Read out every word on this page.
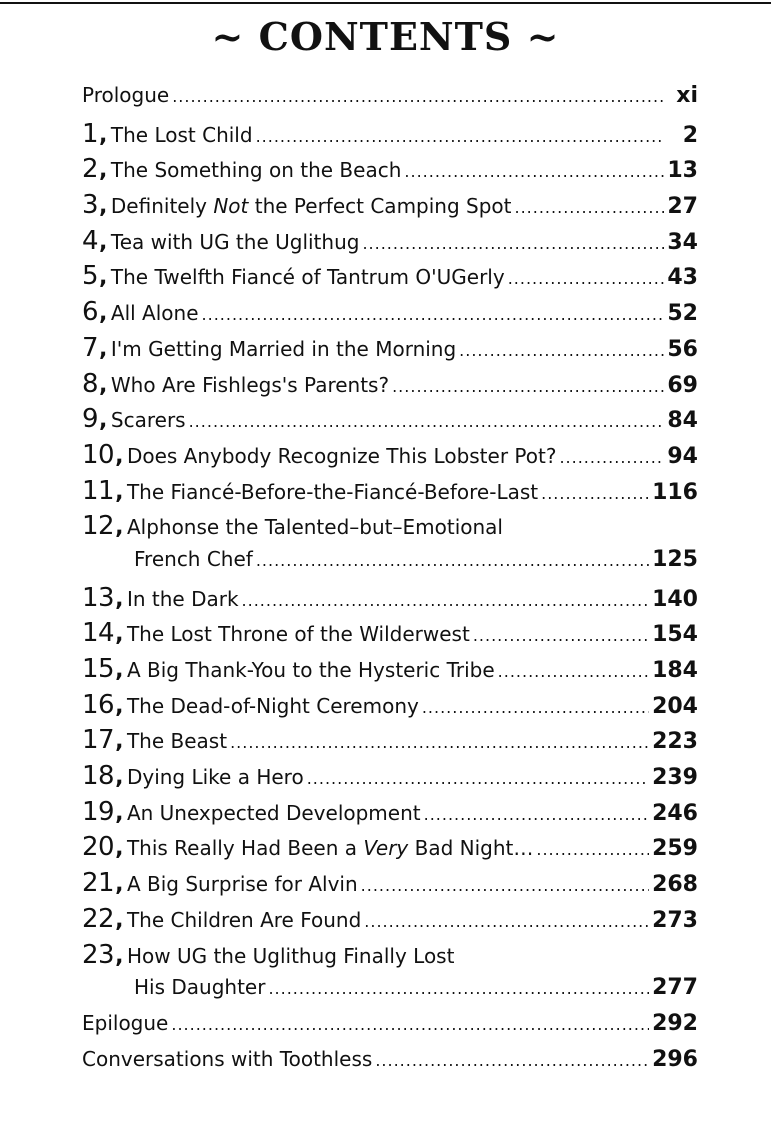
~ CONTENTS ~
Prologue .....	xi
1 , The Lost Child .....	2
2 , The Something on the Beach .....	13
3 , Definitely Not the Perfect Camping Spot .....	27
4 , Tea with UG the Uglithug .....	34
5 , The Twelfth Fiancé of Tantrum O'UGerly .....	43
6 , All Alone .....	52
7 , I'm Getting Married in the Morning .....	56
8 , Who Are Fishlegs's Parents? .....	69
9 , Scarers .....	84
10 , Does Anybody Recognize This Lobster Pot? .....	94
11 , The Fiancé-Before-the-Fiancé-Before-Last .....	116
12 , Alphonse the Talented–but–Emotional
French Chef .....	125
13 , In the Dark .....	140
14 , The Lost Throne of the Wilderwest .....	154
15 , A Big Thank-You to the Hysteric Tribe .....	184
16 , The Dead-of-Night Ceremony .....	204
17 , The Beast .....	223
18 , Dying Like a Hero .....	239
19 , An Unexpected Development .....	246
20 , This Really Had Been a Very Bad Night… .....	259
21 , A Big Surprise for Alvin .....	268
22 , The Children Are Found .....	273
23 , How UG the Uglithug Finally Lost
His Daughter .....	277
Epilogue .....	292
Conversations with Toothless .....	296
